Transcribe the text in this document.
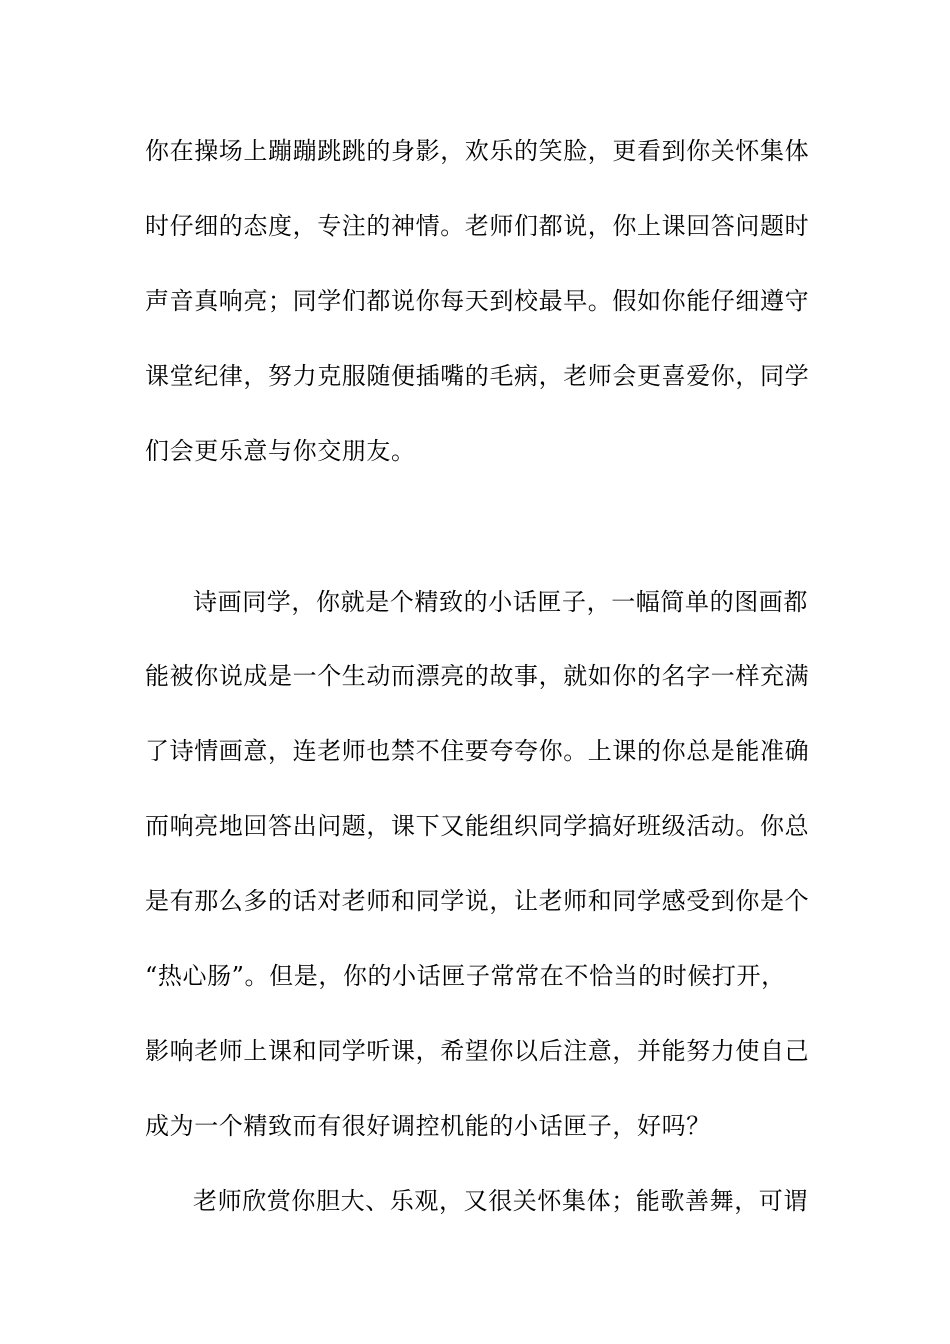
你在操场上蹦蹦跳跳的身影，欢乐的笑脸，更看到你关怀集体
时仔细的态度，专注的神情。老师们都说，你上课回答问题时
声音真响亮；同学们都说你每天到校最早。假如你能仔细遵守
课堂纪律，努力克服随便插嘴的毛病，老师会更喜爱你，同学
们会更乐意与你交朋友。
诗画同学，你就是个精致的小话匣子，一幅简单的图画都
能被你说成是一个生动而漂亮的故事，就如你的名字一样充满
了诗情画意，连老师也禁不住要夸夸你。上课的你总是能准确
而响亮地回答出问题，课下又能组织同学搞好班级活动。你总
是有那么多的话对老师和同学说，让老师和同学感受到你是个
“热心肠”。但是，你的小话匣子常常在不恰当的时候打开，
影响老师上课和同学听课，希望你以后注意，并能努力使自己
成为一个精致而有很好调控机能的小话匣子，好吗？
老师欣赏你胆大、乐观，又很关怀集体；能歌善舞，可谓
